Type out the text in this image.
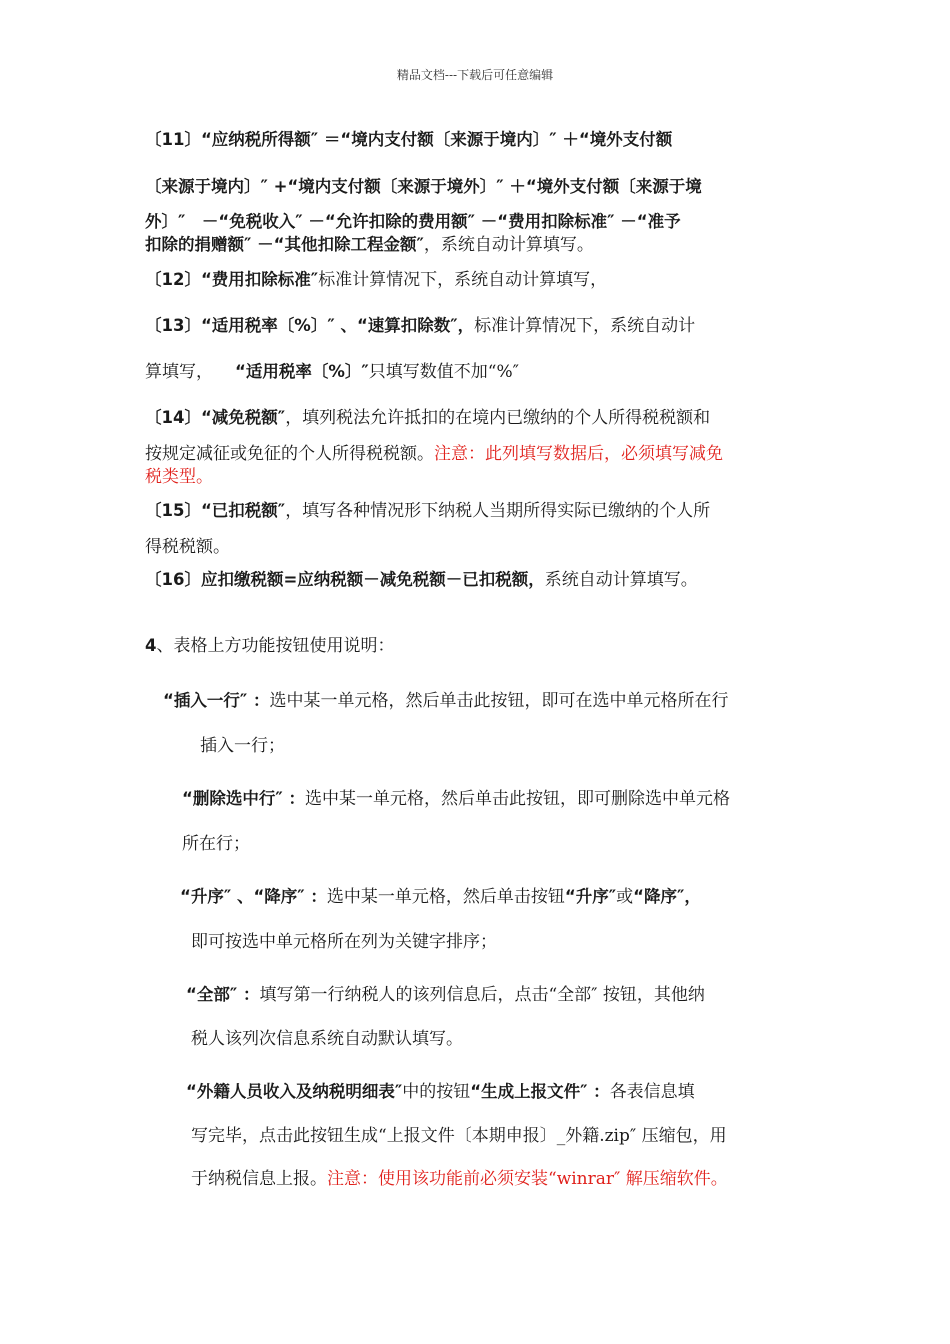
精品文档---下载后可任意编辑
〔11〕“应纳税所得额″ ＝“境内支付额〔来源于境内〕″ ＋“境外支付额
〔来源于境内〕″ +“境内支付额〔来源于境外〕″ ＋“境外支付额〔来源于境
外〕″　－“免税收入″ －“允许扣除的费用额″ －“费用扣除标准″ －“准予
扣除的捐赠额″ －“其他扣除工程金额″，系统自动计算填写。
〔12〕“费用扣除标准″标准计算情况下，系统自动计算填写，
〔13〕“适用税率〔%〕″ 、“速算扣除数″，标准计算情况下，系统自动计
算填写， “适用税率〔%〕″只填写数值不加“%″
〔14〕“减免税额″，填列税法允许抵扣的在境内已缴纳的个人所得税税额和
按规定减征或免征的个人所得税税额。注意：此列填写数据后，必须填写减免
税类型。
〔15〕“已扣税额″，填写各种情况形下纳税人当期所得实际已缴纳的个人所
得税税额。
〔16〕应扣缴税额=应纳税额－减免税额－已扣税额，系统自动计算填写。
4、表格上方功能按钮使用说明：
“插入一行″ ：选中某一单元格，然后单击此按钮，即可在选中单元格所在行
插入一行；
“删除选中行″ ：选中某一单元格，然后单击此按钮，即可删除选中单元格
所在行；
“升序″ 、“降序″ ：选中某一单元格，然后单击按钮“升序″或“降序″，
即可按选中单元格所在列为关键字排序；
“全部″ ：填写第一行纳税人的该列信息后，点击“全部″ 按钮，其他纳
税人该列次信息系统自动默认填写。
“外籍人员收入及纳税明细表″中的按钮“生成上报文件″ ：各表信息填
写完毕，点击此按钮生成“上报文件〔本期申报〕_外籍.zip″ 压缩包，用
于纳税信息上报。注意：使用该功能前必须安装“winrar″ 解压缩软件。
